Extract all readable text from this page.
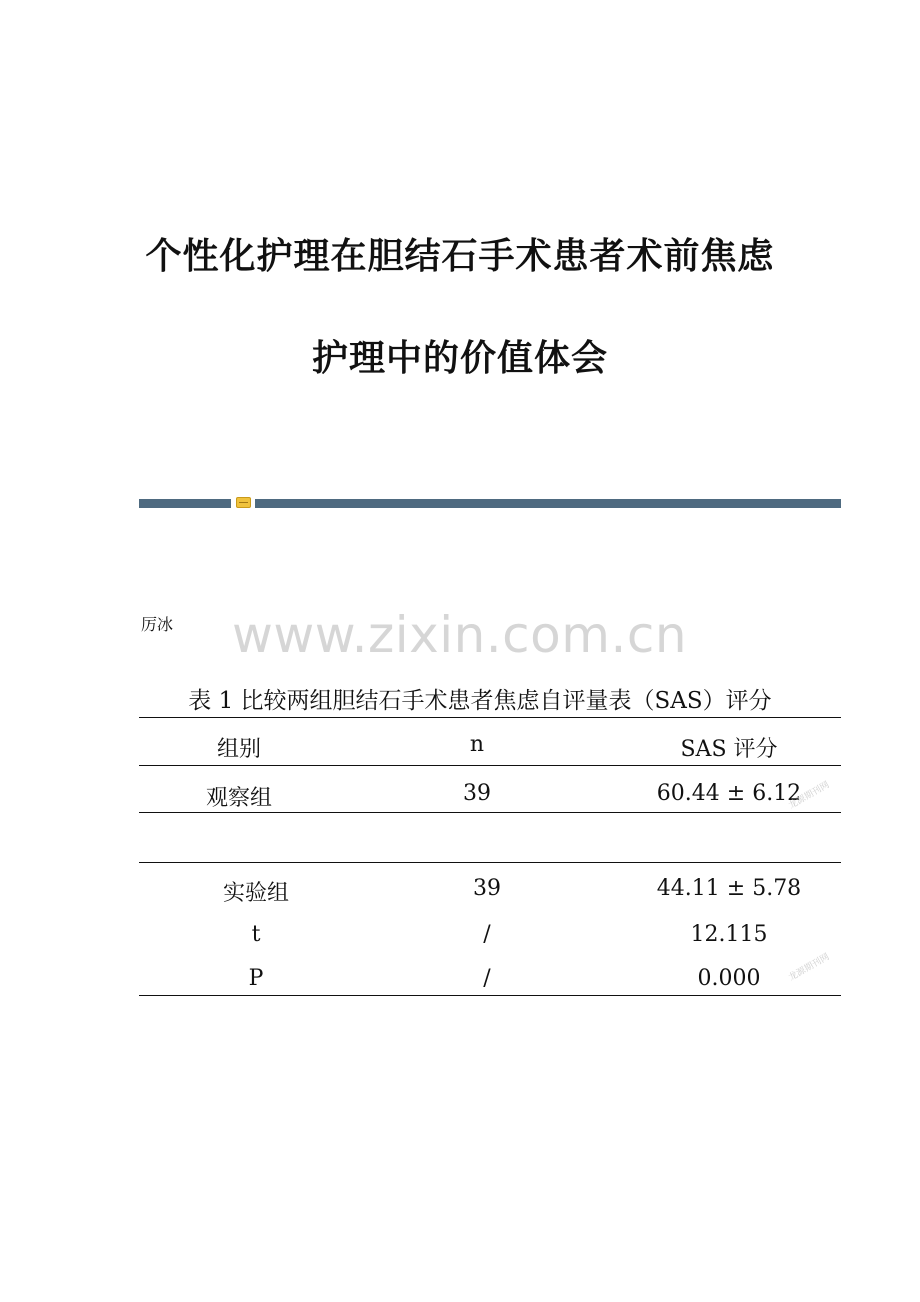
个性化护理在胆结石手术患者术前焦虑
护理中的价值体会
www.zixin.com.cn
厉冰
表 1 比较两组胆结石手术患者焦虑自评量表（SAS）评分
组别	n	SAS 评分
观察组	39	60.44 ± 6.12
实验组	39	44.11 ± 5.78
t	/	12.115
P	/	0.000
龙源期刊网
龙源期刊网
